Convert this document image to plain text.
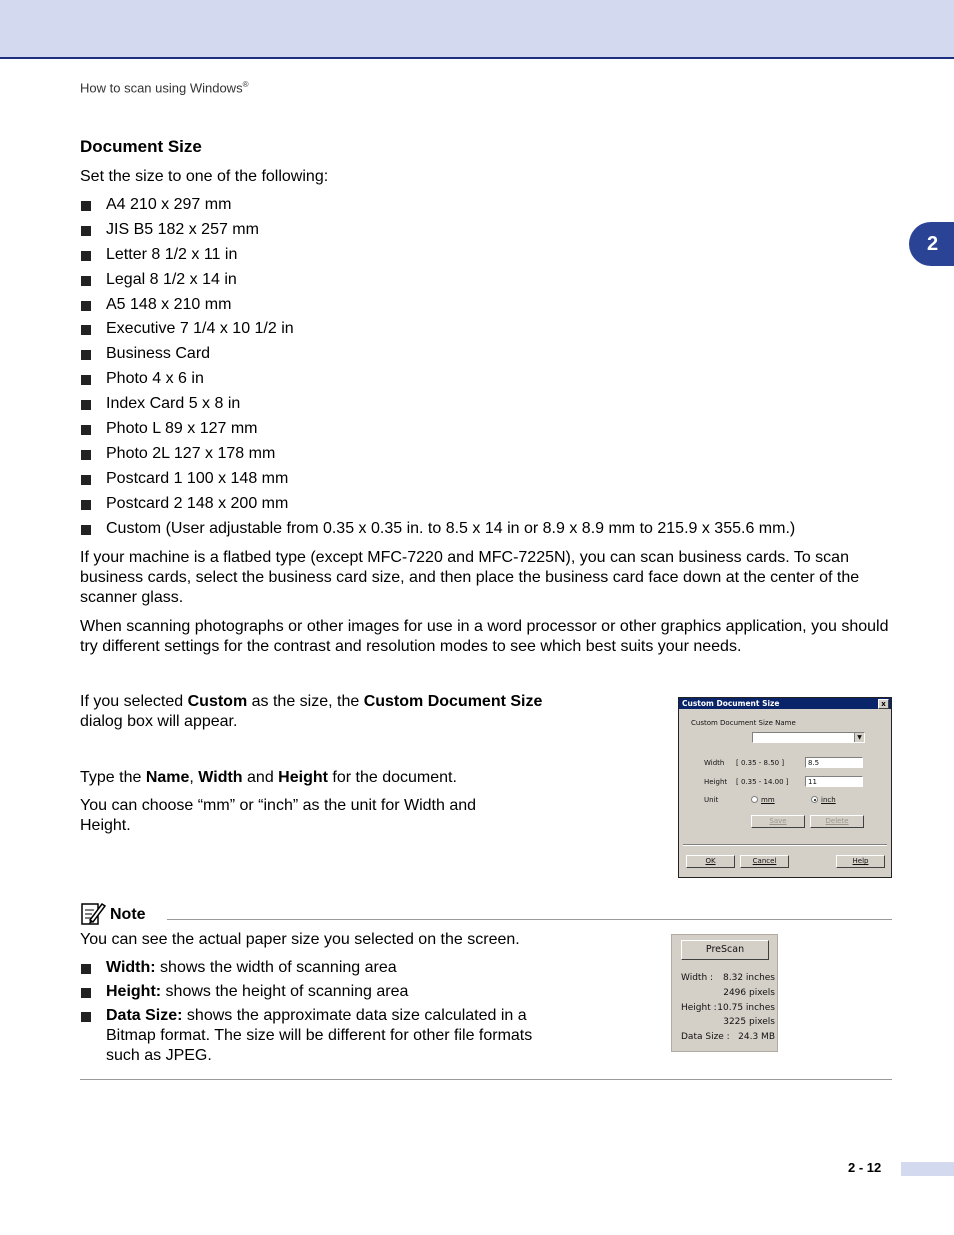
How to scan using Windows®
2
Document Size

Set the size to one of the following:

A4 210 x 297 mm
JIS B5 182 x 257 mm
Letter 8 1/2 x 11 in
Legal 8 1/2 x 14 in
A5 148 x 210 mm
Executive 7 1/4 x 10 1/2 in
Business Card
Photo 4 x 6 in
Index Card 5 x 8 in
Photo L 89 x 127 mm
Photo 2L 127 x 178 mm
Postcard 1 100 x 148 mm
Postcard 2 148 x 200 mm
Custom (User adjustable from 0.35 x 0.35 in. to 8.5 x 14 in or 8.9 x 8.9 mm to 215.9 x 355.6 mm.)

If your machine is a flatbed type (except MFC-7220 and MFC-7225N), you can scan business cards. To scan business cards, select the business card size, and then place the business card face down at the center of the scanner glass.

When scanning photographs or other images for use in a word processor or other graphics application, you should try different settings for the contrast and resolution modes to see which best suits your needs.

If you selected Custom as the size, the Custom Document Size dialog box will appear.

Type the Name, Width and Height for the document.

You can choose “mm” or “inch” as the unit for Width and Height.

Custom Document Size	x
Custom Document Size Name
▼
Width [ 0.35 - 8.50 ]	8.5
Height [ 0.35 - 14.00 ]	11
Unit	mm	inch
Save	Delete
OK	Cancel	Help
Note

You can see the actual paper size you selected on the screen.

Width: shows the width of scanning area
Height: shows the height of scanning area
Data Size: shows the approximate data size calculated in a Bitmap format. The size will be different for other file formats such as JPEG.
PreScan
Width : 8.32 inches
2496 pixels
Height : 10.75 inches
3225 pixels
Data Size : 24.3 MB
2 - 12
